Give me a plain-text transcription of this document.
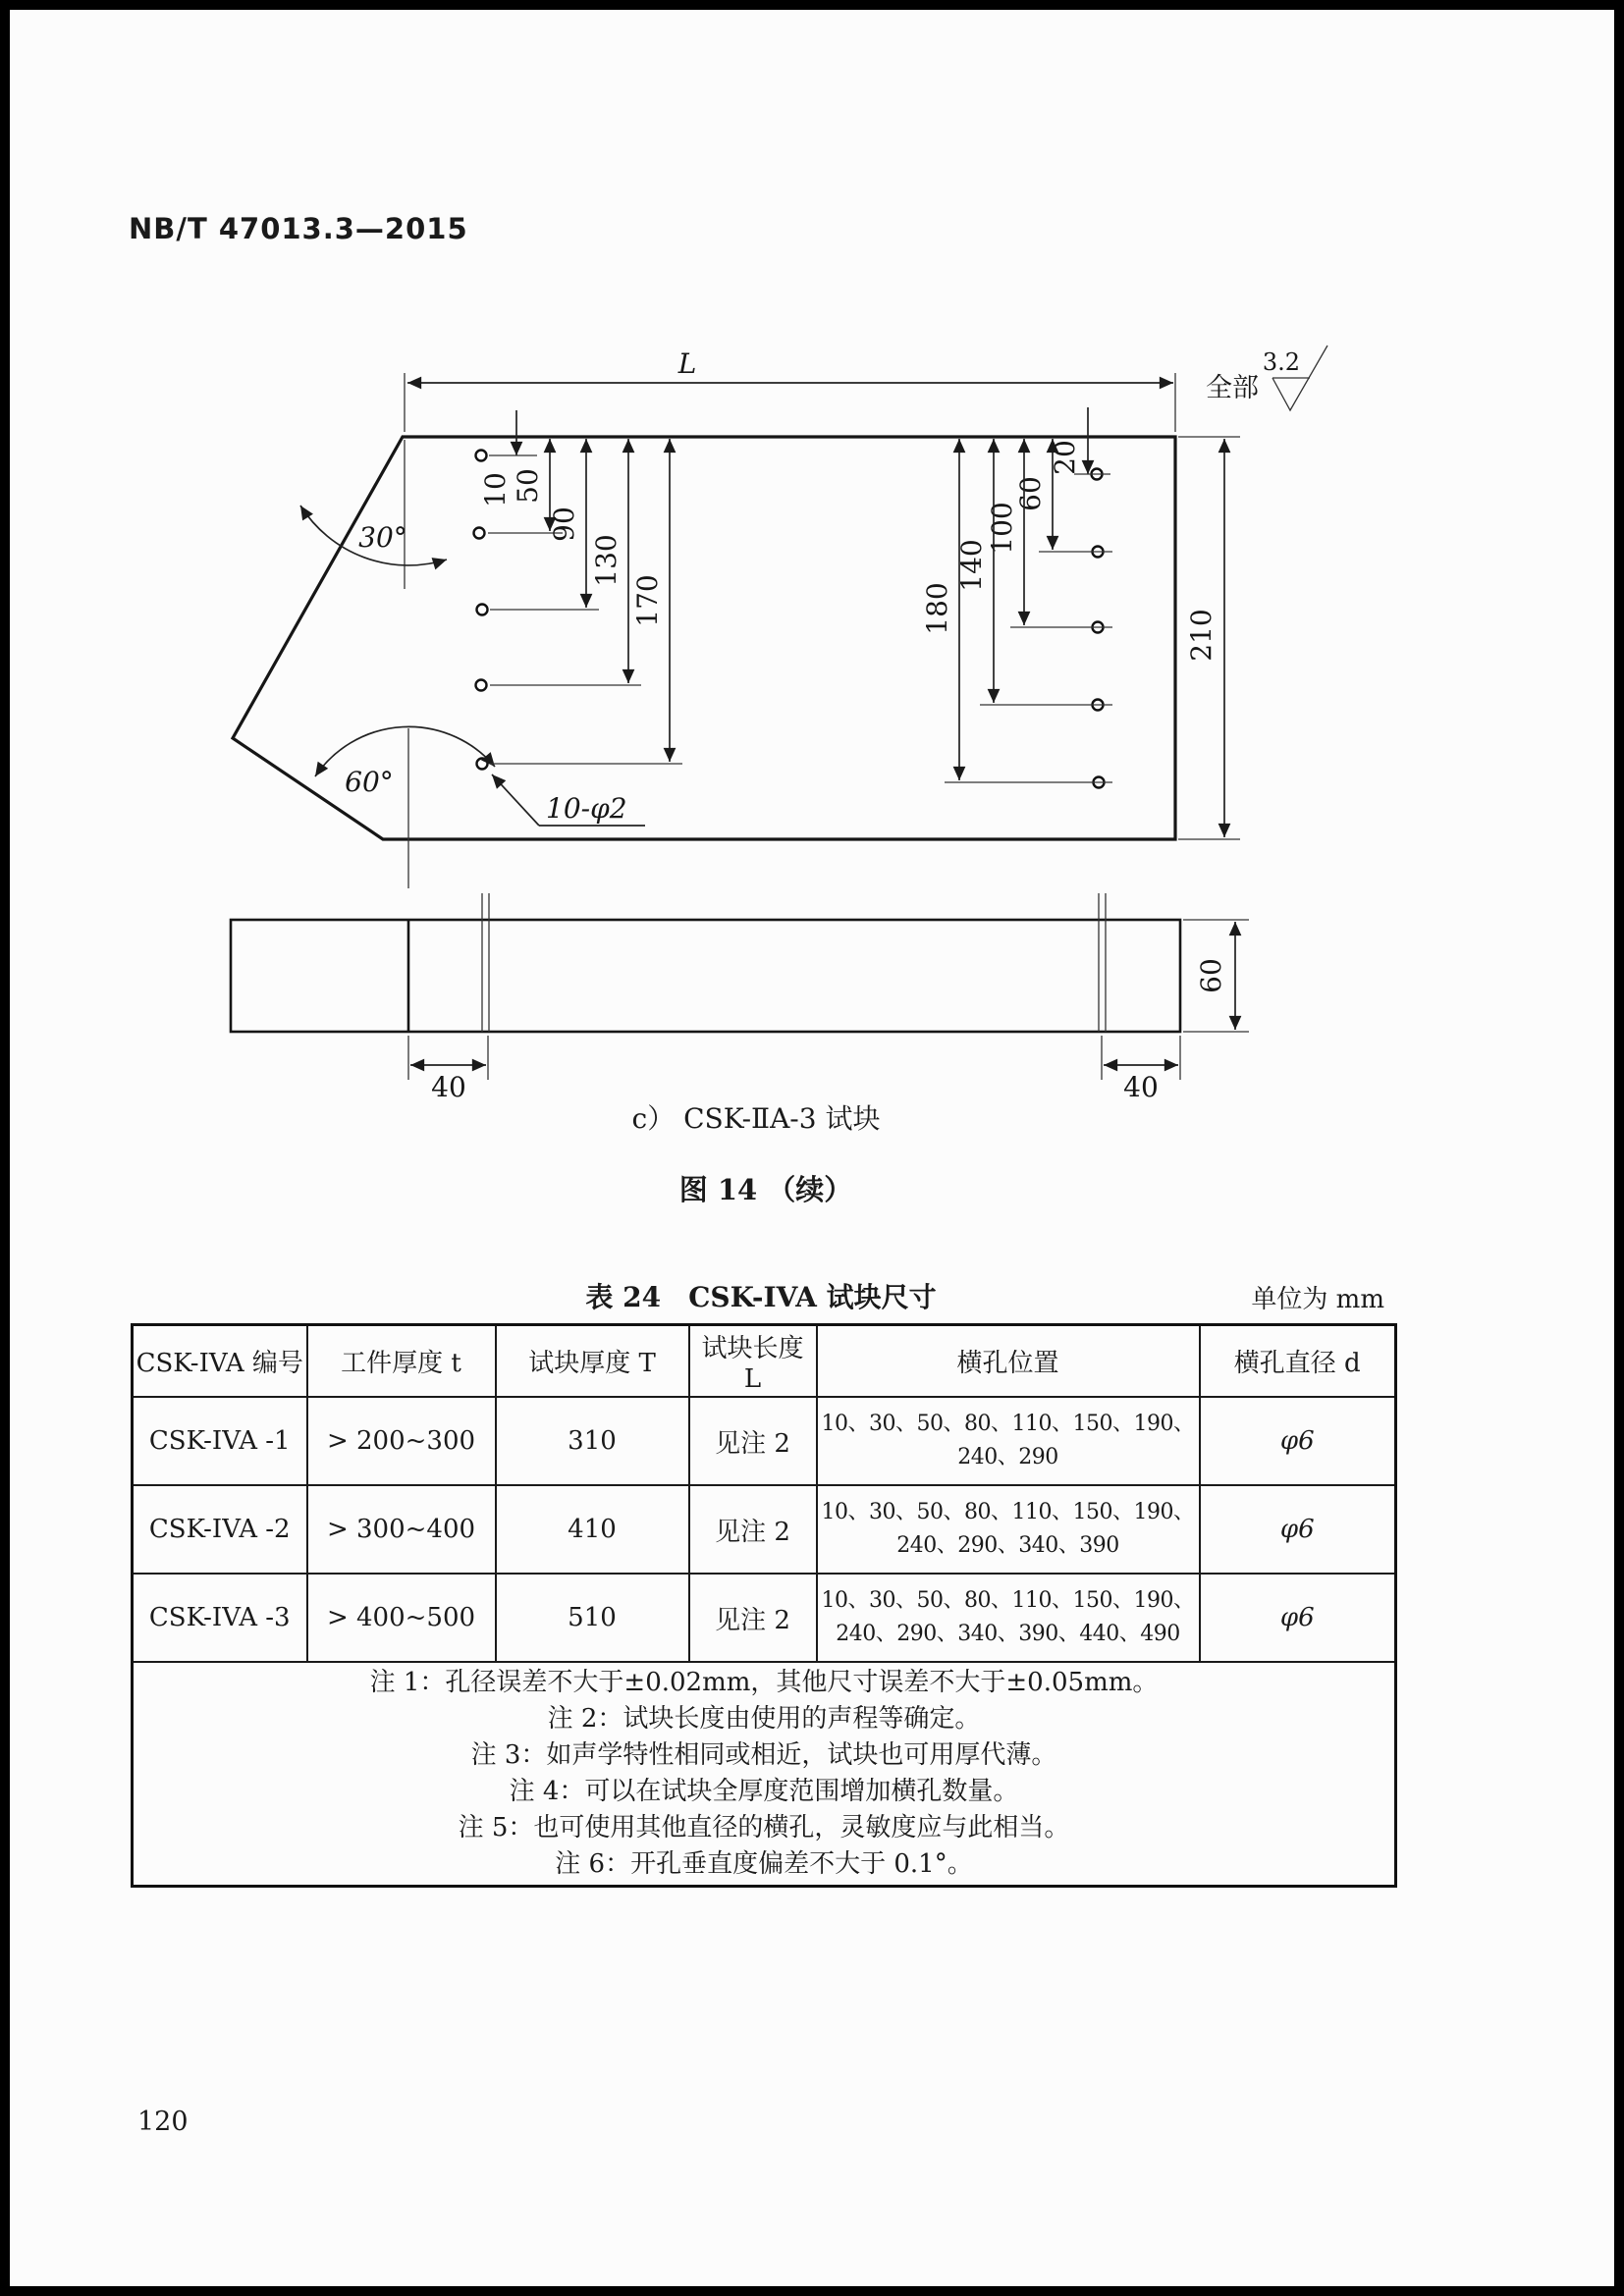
NB/T 47013.3—2015
L
全部
3.2
30°
60°
10 50
90
130
170
20
60
100
140
180
210
10-φ2
40	40
60
c） CSK-ⅡA-3 试块
图 14 （续）
表 24　CSK-IVA 试块尺寸	单位为 mm
CSK-IVA 编号	工件厚度 t	试块厚度 T	试块长度 L	横孔位置	横孔直径 d
CSK-IVA -1	> 200~300	310	见注 2	10、30、50、80、110、150、190、240、290	φ6
CSK-IVA -2	> 300~400	410	见注 2	10、30、50、80、110、150、190、240、290、340、390	φ6
CSK-IVA -3	> 400~500	510	见注 2	10、30、50、80、110、150、190、240、290、340、390、440、490	φ6

注 1：孔径误差不大于±0.02mm，其他尺寸误差不大于±0.05mm。
注 2：试块长度由使用的声程等确定。
注 3：如声学特性相同或相近，试块也可用厚代薄。
注 4：可以在试块全厚度范围增加横孔数量。
注 5：也可使用其他直径的横孔，灵敏度应与此相当。
注 6：开孔垂直度偏差不大于 0.1°。
120
